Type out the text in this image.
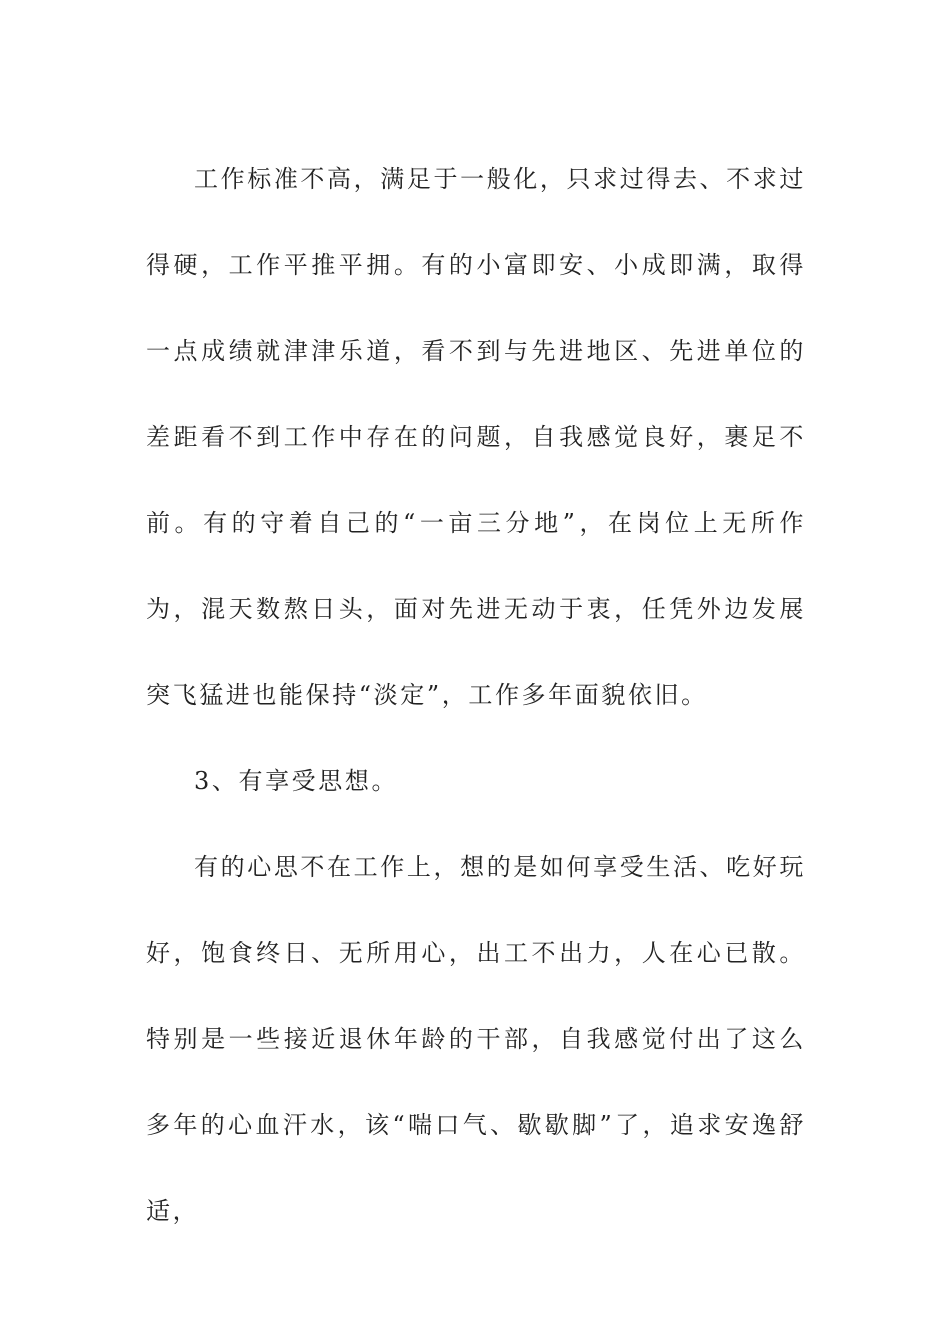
工作标准不高，满足于一般化，只求过得去、不求过得硬，工作平推平拥。有的小富即安、小成即满，取得一点成绩就津津乐道，看不到与先进地区、先进单位的差距看不到工作中存在的问题，自我感觉良好，裹足不前。有的守着自己的“一亩三分地”，在岗位上无所作为，混天数熬日头，面对先进无动于衷，任凭外边发展突飞猛进也能保持“淡定”，工作多年面貌依旧。

3、有享受思想。

有的心思不在工作上，想的是如何享受生活、吃好玩好，饱食终日、无所用心，出工不出力，人在心已散。特别是一些接近退休年龄的干部，自我感觉付出了这么多年的心血汗水，该“喘口气、歇歇脚”了，追求安逸舒适，
